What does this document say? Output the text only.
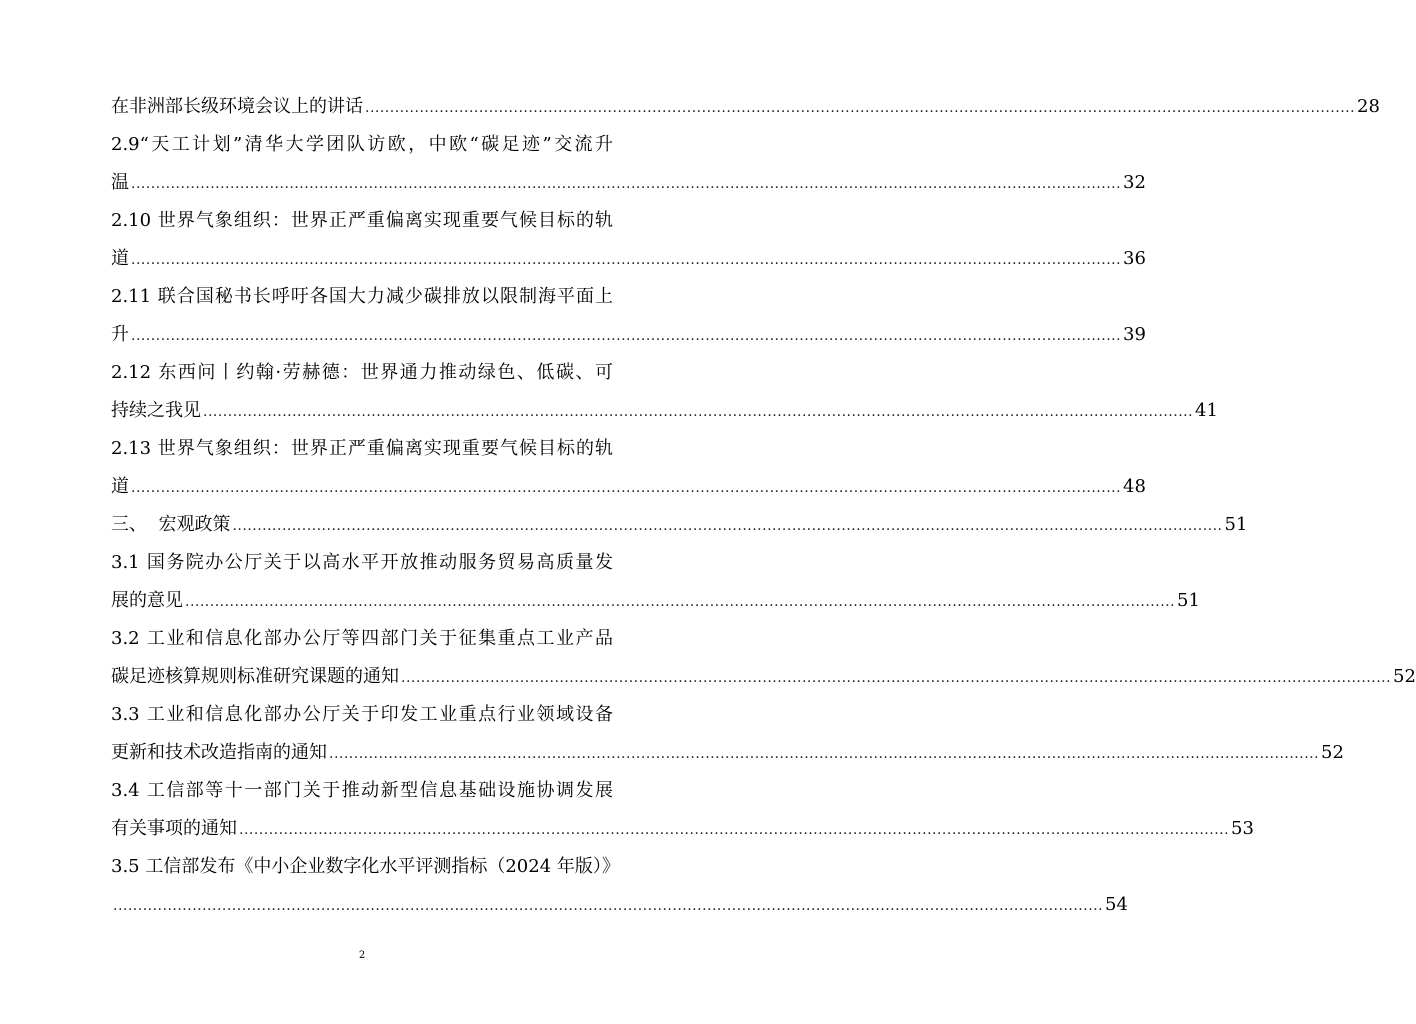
在非洲部长级环境会议上的讲话 ........................................................................................................................................................................................................ 28
2.9“天工计划”清华大学团队访欧，中欧“碳足迹”交流升
温 ........................................................................................................................................................................................................ 32
2.10 世界气象组织：世界正严重偏离实现重要气候目标的轨
道 ........................................................................................................................................................................................................ 36
2.11 联合国秘书长呼吁各国大力减少碳排放以限制海平面上
升 ........................................................................................................................................................................................................ 39
2.12 东西问丨约翰·劳赫德：世界通力推动绿色、低碳、可
持续之我见 ........................................................................................................................................................................................................ 41
2.13 世界气象组织：世界正严重偏离实现重要气候目标的轨
道 ........................................................................................................................................................................................................ 48
三、  宏观政策 ........................................................................................................................................................................................................ 51
3.1 国务院办公厅关于以高水平开放推动服务贸易高质量发
展的意见 ........................................................................................................................................................................................................ 51
3.2 工业和信息化部办公厅等四部门关于征集重点工业产品
碳足迹核算规则标准研究课题的通知 ........................................................................................................................................................................................................ 52
3.3 工业和信息化部办公厅关于印发工业重点行业领域设备
更新和技术改造指南的通知 ........................................................................................................................................................................................................ 52
3.4 工信部等十一部门关于推动新型信息基础设施协调发展
有关事项的通知 ........................................................................................................................................................................................................ 53
3.5 工信部发布《中小企业数字化水平评测指标（2024 年版）》
........................................................................................................................................................................................................ 54
2
